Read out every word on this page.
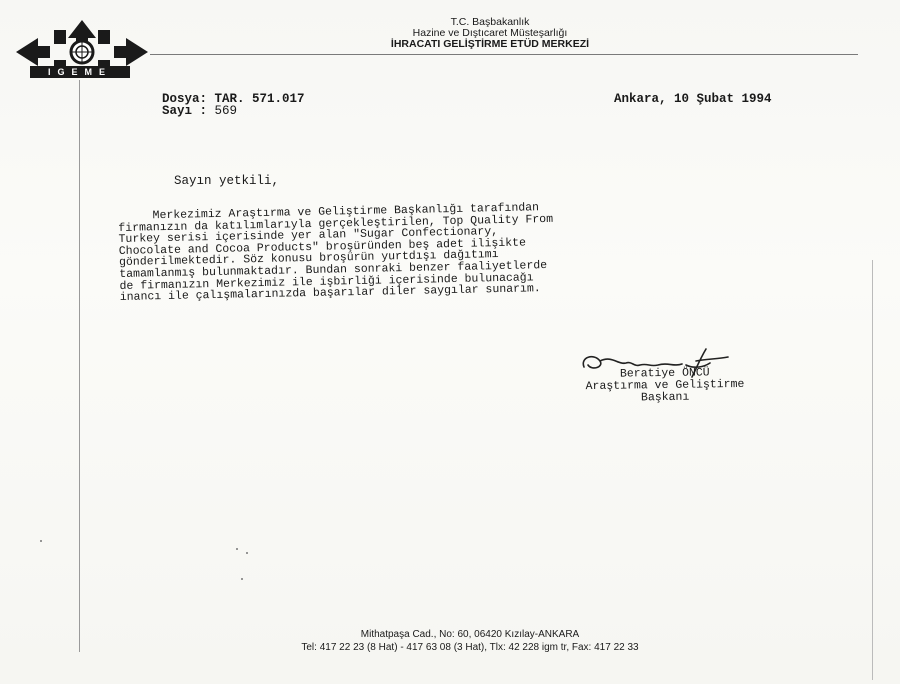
IGEME
T.C. Başbakanlık
Hazine ve Dıştıcaret Müsteşarlığı
İHRACATI GELİŞTİRME ETÜD MERKEZİ
Dosya: TAR. 571.017
Sayı : 569
Ankara, 10 Şubat 1994
Sayın yetkili,
Merkezimiz Araştırma ve Geliştirme Başkanlığı tarafından
firmanızın da katılımlarıyla gerçekleştirilen, Top Quality From
Turkey serisi içerisinde yer alan "Sugar Confectionary,
Chocolate and Cocoa Products" broşüründen beş adet ilişikte
gönderilmektedir. Söz konusu broşürün yurtdışı dağıtımı
tamamlanmış bulunmaktadır. Bundan sonraki benzer faaliyetlerde
de firmanızın Merkezimiz ile işbirliği içerisinde bulunacağı
inancı ile çalışmalarınızda başarılar diler saygılar sunarım.
Beratiye ÖNCÜ
Araştırma ve Geliştirme
Başkanı
Mithatpaşa Cad., No: 60, 06420 Kızılay-ANKARA
Tel: 417 22 23 (8 Hat) - 417 63 08 (3 Hat), Tlx: 42 228 igm tr, Fax: 417 22 33
